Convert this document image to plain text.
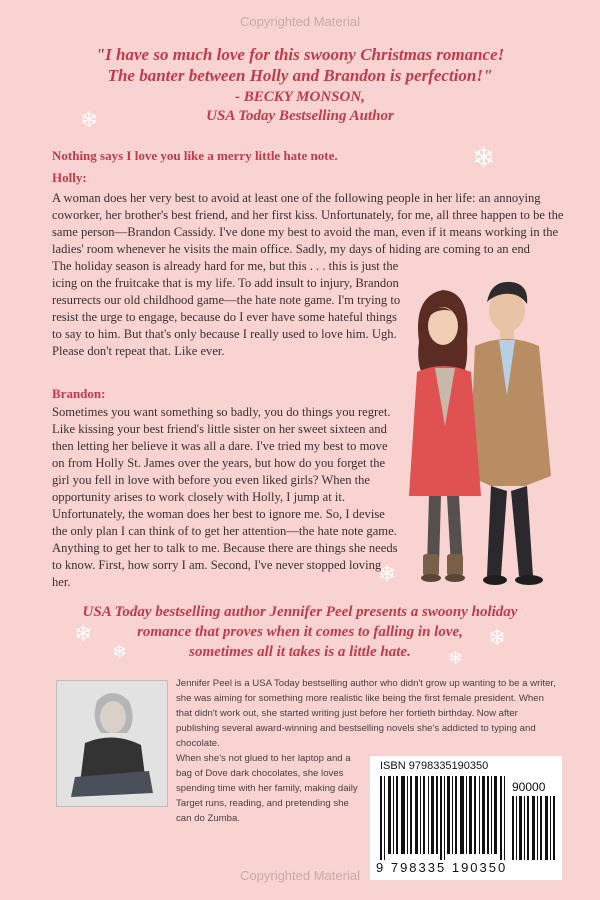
Copyrighted Material
"I have so much love for this swoony Christmas romance!
The banter between Holly and Brandon is perfection!"
- BECKY MONSON,
USA Today Bestselling Author
❄
❄
❄
❄
❄
❄
❄
Nothing says I love you like a merry little hate note.
Holly:
A woman does her very best to avoid at least one of the following people in her life: an annoying coworker, her brother's best friend, and her first kiss. Unfortunately, for me, all three happen to be the same person—Brandon Cassidy. I've done my best to avoid the man, even if it means working in the ladies' room whenever he visits the main office. Sadly, my days of hiding are coming to an end
The holiday season is already hard for me, but this . . . this is just the icing on the fruitcake that is my life. To add insult to injury, Brandon resurrects our old childhood game—the hate note game. I'm trying to resist the urge to engage, because do I ever have some hateful things to say to him. But that's only because I really used to love him. Ugh. Please don't repeat that. Like ever.
Brandon:
Sometimes you want something so badly, you do things you regret. Like kissing your best friend's little sister on her sweet sixteen and then letting her believe it was all a dare. I've tried my best to move on from Holly St. James over the years, but how do you forget the girl you fell in love with before you even liked girls? When the opportunity arises to work closely with Holly, I jump at it. Unfortunately, the woman does her best to ignore me. So, I devise the only plan I can think of to get her attention—the hate note game. Anything to get her to talk to me. Because there are things she needs to know. First, how sorry I am. Second, I've never stopped loving her.
USA Today bestselling author Jennifer Peel presents a swoony holiday
romance that proves when it comes to falling in love,
sometimes all it takes is a little hate.
Jennifer Peel is a USA Today bestselling author who didn't grow up wanting to be a writer, she was aiming for something more realistic like being the first female president. When that didn't work out, she started writing just before her fortieth birthday. Now after publishing several award-winning and bestselling novels she's addicted to typing and chocolate.
When she's not glued to her laptop and a bag of Dove dark chocolates, she loves spending time with her family, making daily Target runs, reading, and pretending she can do Zumba.
ISBN 9798335190350
90000
9 798335 190350
Copyrighted Material
